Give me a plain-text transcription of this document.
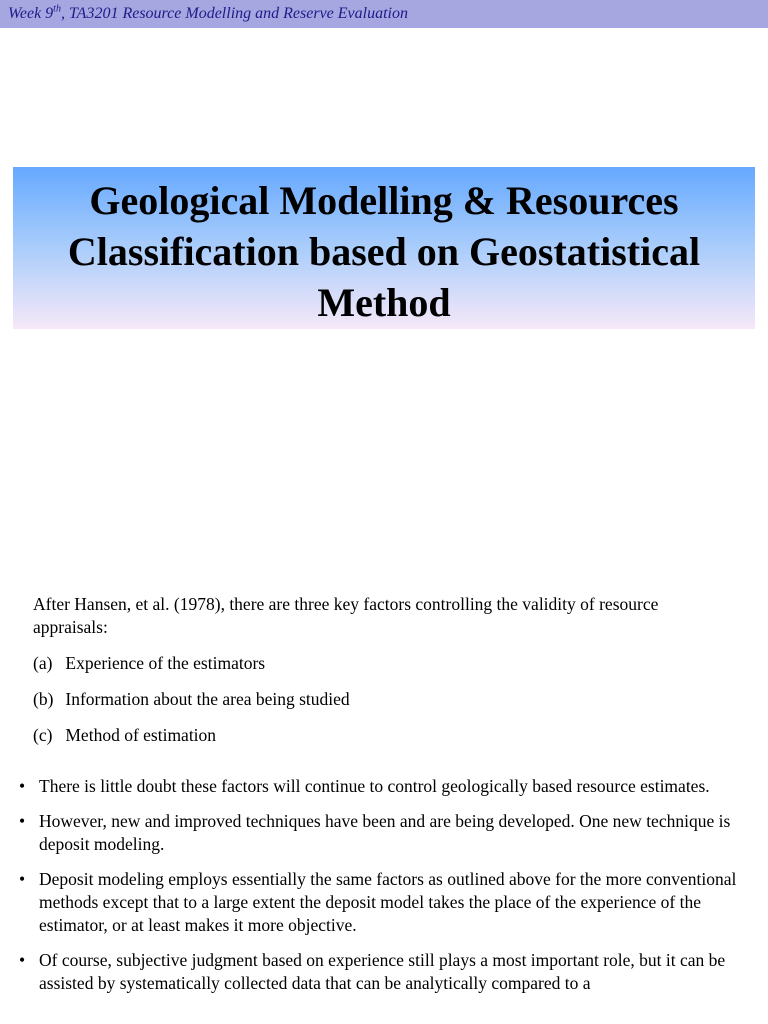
Week 9th, TA3201 Resource Modelling and Reserve Evaluation
Geological Modelling & Resources
Classification based on Geostatistical
Method
After Hansen, et al. (1978), there are three key factors controlling the validity of resource appraisals:
(a) Experience of the estimators
(b) Information about the area being studied
(c) Method of estimation
• There is little doubt these factors will continue to control geologically based resource estimates.
• However, new and improved techniques have been and are being developed. One new technique is deposit modeling.
• Deposit modeling employs essentially the same factors as outlined above for the more conventional methods except that to a large extent the deposit model takes the place of the experience of the estimator, or at least makes it more objective.
• Of course, subjective judgment based on experience still plays a most important role, but it can be assisted by systematically collected data that can be analytically compared to a
